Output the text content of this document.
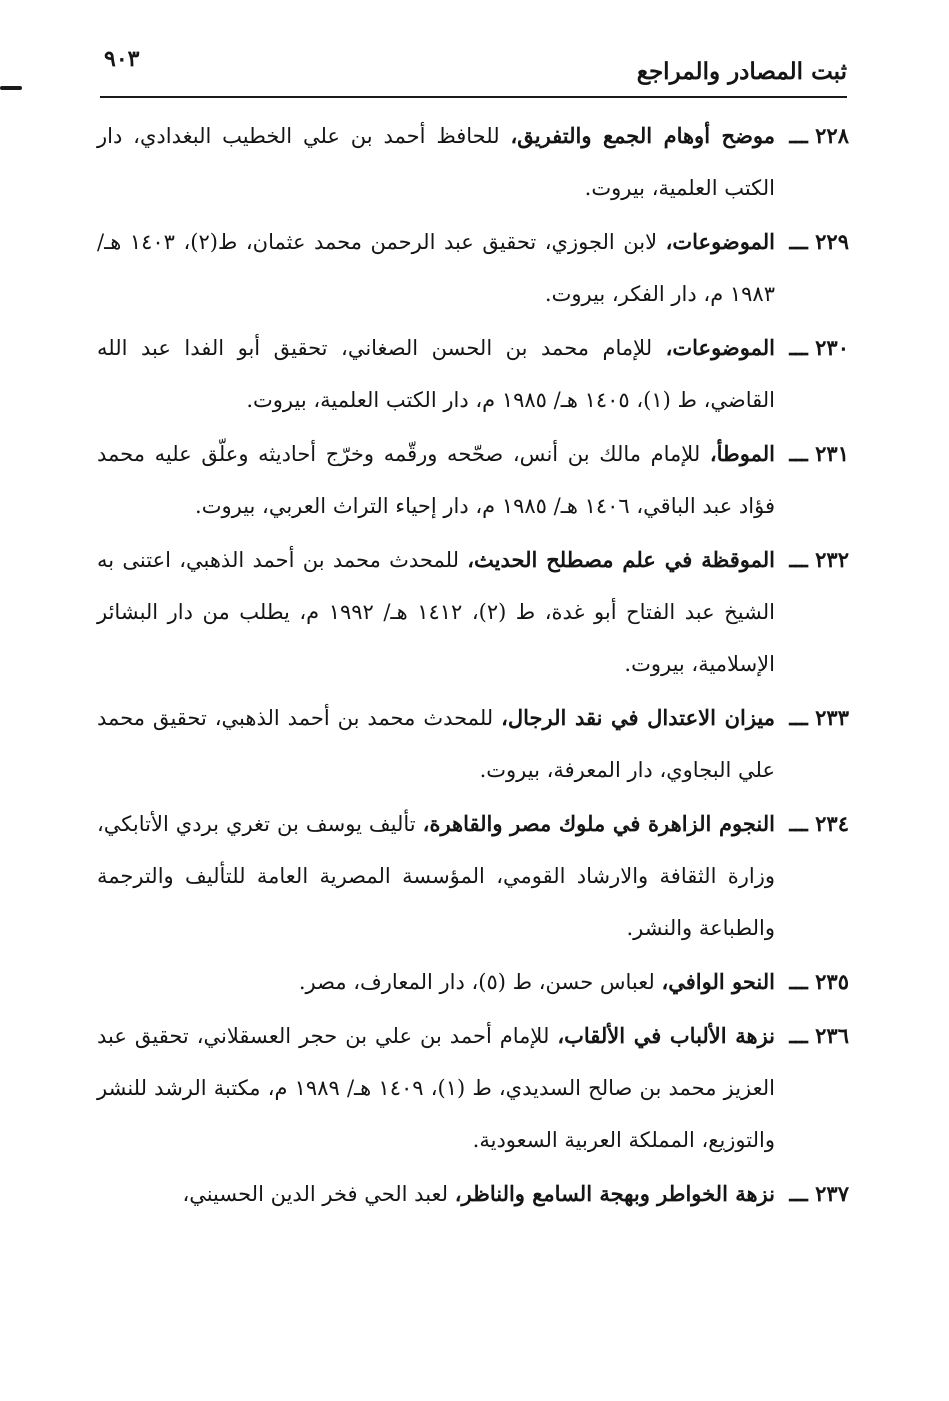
ثبت المصادر والمراجع
٩٠٣
٢٢٨ ـــ
موضح أوهام الجمع والتفريق، للحافظ أحمد بن علي الخطيب البغدادي، دار الكتب العلمية، بيروت.
٢٢٩ ـــ
الموضوعات، لابن الجوزي، تحقيق عبد الرحمن محمد عثمان، ط(٢)، ١٤٠٣ هـ/ ١٩٨٣ م، دار الفكر، بيروت.
٢٣٠ ـــ
الموضوعات، للإمام محمد بن الحسن الصغاني، تحقيق أبو الفدا عبد الله القاضي، ط (١)، ١٤٠٥ هـ/ ١٩٨٥ م، دار الكتب العلمية، بيروت.
٢٣١ ـــ
الموطأ، للإمام مالك بن أنس، صحّحه ورقّمه وخرّج أحاديثه وعلّق عليه محمد فؤاد عبد الباقي، ١٤٠٦ هـ/ ١٩٨٥ م، دار إحياء التراث العربي، بيروت.
٢٣٢ ـــ
الموقظة في علم مصطلح الحديث، للمحدث محمد بن أحمد الذهبي، اعتنى به الشيخ عبد الفتاح أبو غدة، ط (٢)، ١٤١٢ هـ/ ١٩٩٢ م، يطلب من دار البشائر الإسلامية، بيروت.
٢٣٣ ـــ
ميزان الاعتدال في نقد الرجال، للمحدث محمد بن أحمد الذهبي، تحقيق محمد علي البجاوي، دار المعرفة، بيروت.
٢٣٤ ـــ
النجوم الزاهرة في ملوك مصر والقاهرة، تأليف يوسف بن تغري بردي الأتابكي، وزارة الثقافة والارشاد القومي، المؤسسة المصرية العامة للتأليف والترجمة والطباعة والنشر.
٢٣٥ ـــ
النحو الوافي، لعباس حسن، ط (٥)، دار المعارف، مصر.
٢٣٦ ـــ
نزهة الألباب في الألقاب، للإمام أحمد بن علي بن حجر العسقلاني، تحقيق عبد العزيز محمد بن صالح السديدي، ط (١)، ١٤٠٩ هـ/ ١٩٨٩ م، مكتبة الرشد للنشر والتوزيع، المملكة العربية السعودية.
٢٣٧ ـــ
نزهة الخواطر وبهجة السامع والناظر، لعبد الحي فخر الدين الحسيني،
